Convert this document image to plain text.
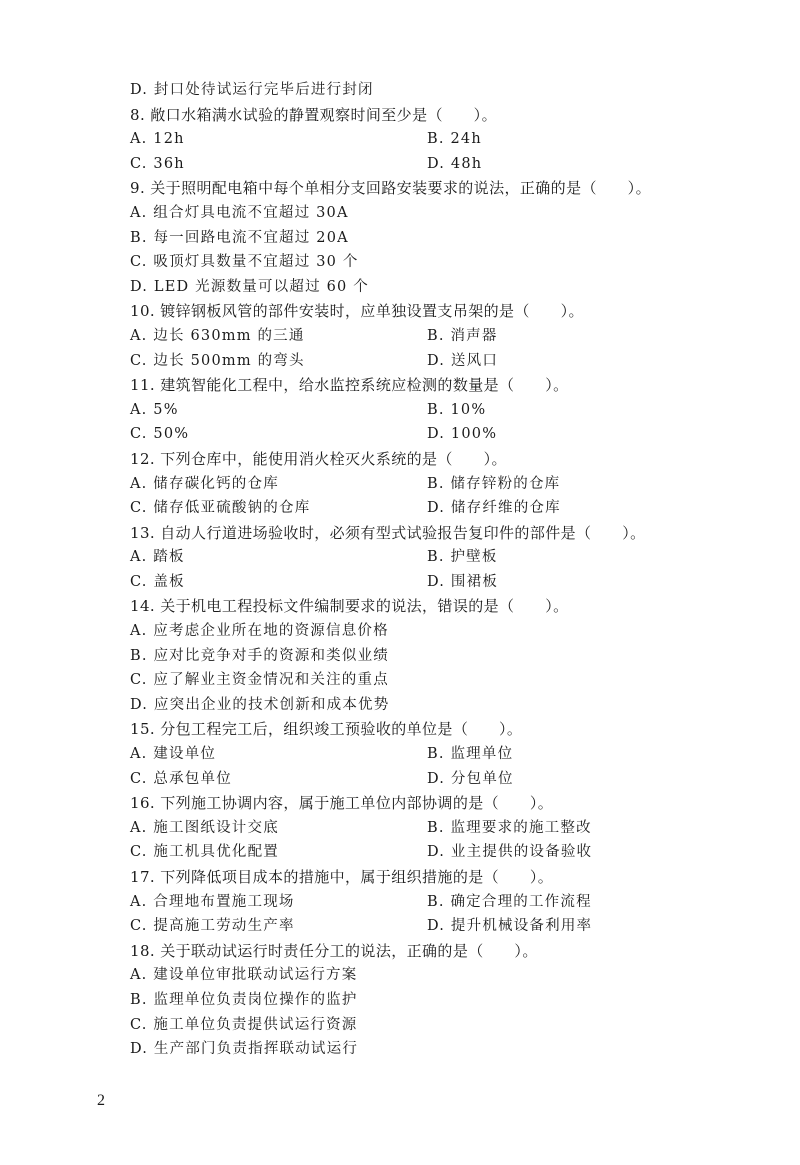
D. 封口处待试运行完毕后进行封闭
8. 敞口水箱满水试验的静置观察时间至少是（　　）。
A. 12h	B. 24h
C. 36h	D. 48h
9. 关于照明配电箱中每个单相分支回路安装要求的说法，正确的是（　　）。
A. 组合灯具电流不宜超过 30A
B. 每一回路电流不宜超过 20A
C. 吸顶灯具数量不宜超过 30 个
D. LED 光源数量可以超过 60 个
10. 镀锌钢板风管的部件安装时，应单独设置支吊架的是（　　）。
A. 边长 630mm 的三通	B. 消声器
C. 边长 500mm 的弯头	D. 送风口
11. 建筑智能化工程中，给水监控系统应检测的数量是（　　）。
A. 5%	B. 10%
C. 50%	D. 100%
12. 下列仓库中，能使用消火栓灭火系统的是（　　）。
A. 储存碳化钙的仓库	B. 储存锌粉的仓库
C. 储存低亚硫酸钠的仓库	D. 储存纤维的仓库
13. 自动人行道进场验收时，必须有型式试验报告复印件的部件是（　　）。
A. 踏板	B. 护壁板
C. 盖板	D. 围裙板
14. 关于机电工程投标文件编制要求的说法，错误的是（　　）。
A. 应考虑企业所在地的资源信息价格
B. 应对比竞争对手的资源和类似业绩
C. 应了解业主资金情况和关注的重点
D. 应突出企业的技术创新和成本优势
15. 分包工程完工后，组织竣工预验收的单位是（　　）。
A. 建设单位	B. 监理单位
C. 总承包单位	D. 分包单位
16. 下列施工协调内容，属于施工单位内部协调的是（　　）。
A. 施工图纸设计交底	B. 监理要求的施工整改
C. 施工机具优化配置	D. 业主提供的设备验收
17. 下列降低项目成本的措施中，属于组织措施的是（　　）。
A. 合理地布置施工现场	B. 确定合理的工作流程
C. 提高施工劳动生产率	D. 提升机械设备利用率
18. 关于联动试运行时责任分工的说法，正确的是（　　）。
A. 建设单位审批联动试运行方案
B. 监理单位负责岗位操作的监护
C. 施工单位负责提供试运行资源
D. 生产部门负责指挥联动试运行
2
